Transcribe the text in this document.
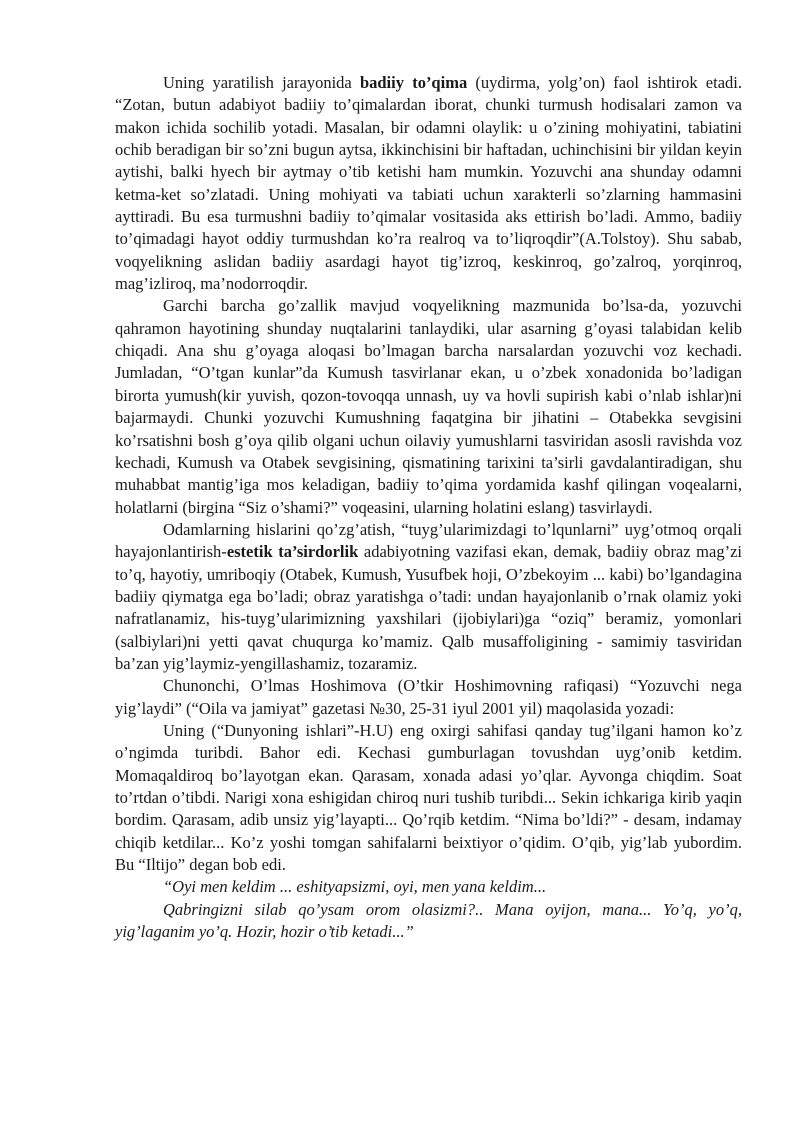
Uning yaratilish jarayonida badiiy to’qima (uydirma, yolg’on) faol ishtirok etadi. “Zotan, butun adabiyot badiiy to’qimalardan iborat, chunki turmush hodisalari zamon va makon ichida sochilib yotadi. Masalan, bir odamni olaylik: u o’zining mohiyatini, tabiatini ochib beradigan bir so’zni bugun aytsa, ikkinchisini bir haftadan, uchinchisini bir yildan keyin aytishi, balki hyech bir aytmay o’tib ketishi ham mumkin. Yozuvchi ana shunday odamni ketma-ket so’zlatadi. Uning mohiyati va tabiati uchun xarakterli so’zlarning hammasini ayttiradi. Bu esa turmushni badiiy to’qimalar vositasida aks ettirish bo’ladi. Ammo, badiiy to’qimadagi hayot oddiy turmushdan ko’ra realroq va to’liqroqdir”(A.Tolstoy). Shu sabab, voqyelikning aslidan badiiy asardagi hayot tig’izroq, keskinroq, go’zalroq, yorqinroq, mag’izliroq, ma’nodorroqdir.

Garchi barcha go’zallik mavjud voqyelikning mazmunida bo’lsa-da, yozuvchi qahramon hayotining shunday nuqtalarini tanlaydiki, ular asarning g’oyasi talabidan kelib chiqadi. Ana shu g’oyaga aloqasi bo’lmagan barcha narsalardan yozuvchi voz kechadi. Jumladan, “O’tgan kunlar”da Kumush tasvirlanar ekan, u o’zbek xonadonida bo’ladigan birorta yumush(kir yuvish, qozon-tovoqqa unnash, uy va hovli supirish kabi o’nlab ishlar)ni bajarmaydi. Chunki yozuvchi Kumushning faqatgina bir jihatini – Otabekka sevgisini ko’rsatishni bosh g’oya qilib olgani uchun oilaviy yumushlarni tasviridan asosli ravishda voz kechadi, Kumush va Otabek sevgisining, qismatining tarixini ta’sirli gavdalantiradigan, shu muhabbat mantig’iga mos keladigan, badiiy to’qima yordamida kashf qilingan voqealarni, holatlarni (birgina “Siz o’shami?” voqeasini, ularning holatini eslang) tasvirlaydi.

Odamlarning hislarini qo’zg’atish, “tuyg’ularimizdagi to’lqunlarni” uyg’otmoq orqali hayajonlantirish-estetik ta’sirdorlik adabiyotning vazifasi ekan, demak, badiiy obraz mag’zi to’q, hayotiy, umriboqiy (Otabek, Kumush, Yusufbek hoji, O’zbekoyim ... kabi) bo’lgandagina badiiy qiymatga ega bo’ladi; obraz yaratishga o’tadi: undan hayajonlanib o’rnak olamiz yoki nafratlanamiz, his-tuyg’ularimizning yaxshilari (ijobiylari)ga “oziq” beramiz, yomonlari (salbiylari)ni yetti qavat chuqurga ko’mamiz. Qalb musaffoligining - samimiy tasviridan ba’zan yig’laymiz-yengillashamiz, tozaramiz.

Chunonchi, O’lmas Hoshimova (O’tkir Hoshimovning rafiqasi) “Yozuvchi nega yig’laydi” (“Oila va jamiyat” gazetasi №30, 25-31 iyul 2001 yil) maqolasida yozadi:

Uning (“Dunyoning ishlari”-H.U) eng oxirgi sahifasi qanday tug’ilgani hamon ko’z o’ngimda turibdi. Bahor edi. Kechasi gumburlagan tovushdan uyg’onib ketdim. Momaqaldiroq bo’layotgan ekan. Qarasam, xonada adasi yo’qlar. Ayvonga chiqdim. Soat to’rtdan o’tibdi. Narigi xona eshigidan chiroq nuri tushib turibdi... Sekin ichkariga kirib yaqin bordim. Qarasam, adib unsiz yig’layapti... Qo’rqib ketdim. “Nima bo’ldi?” - desam, indamay chiqib ketdilar... Ko’z yoshi tomgan sahifalarni beixtiyor o’qidim. O’qib, yig’lab yubordim. Bu “Iltijo” degan bob edi.

“Oyi men keldim ... eshityapsizmi, oyi, men yana keldim...

Qabringizni silab qo’ysam orom olasizmi?.. Mana oyijon, mana... Yo’q, yo’q, yig’laganim yo’q. Hozir, hozir o’tib ketadi...”
